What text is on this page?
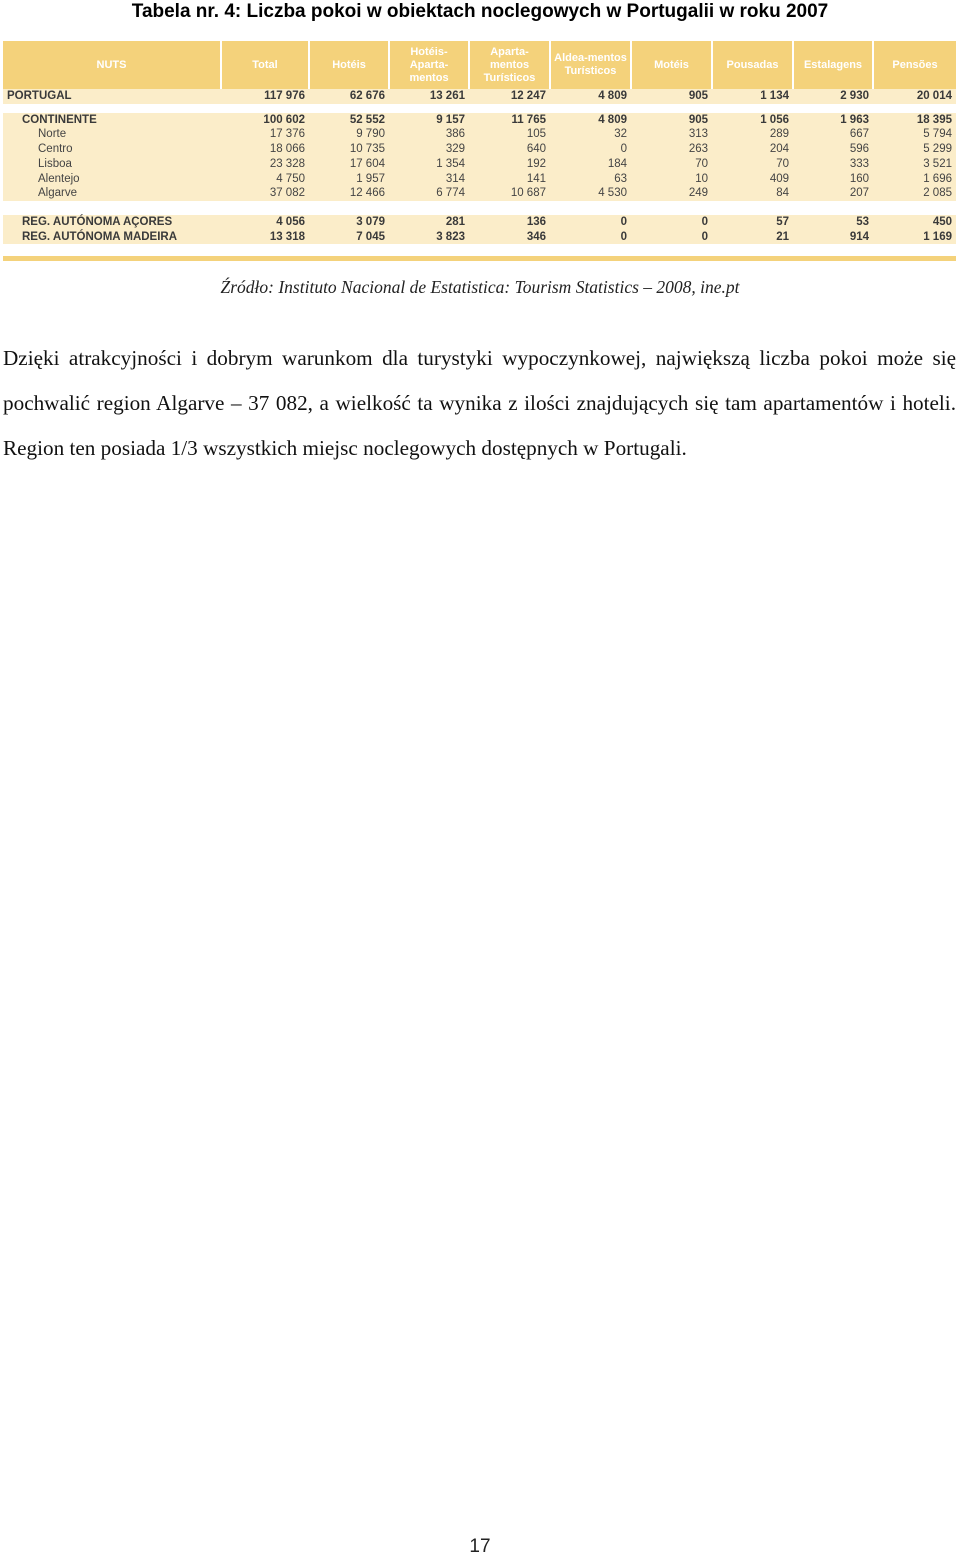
Tabela nr. 4: Liczba pokoi w obiektach noclegowych w Portugalii w roku 2007
NUTS	Total	Hotéis	Hotéis-Aparta-mentos	Aparta-mentos Turísticos	Aldea-mentos Turísticos	Motéis	Pousadas	Estalagens	Pensões
PORTUGAL	117 976	62 676	13 261	12 247	4 809	905	1 134	2 930	20 014

CONTINENTE	100 602	52 552	9 157	11 765	4 809	905	1 056	1 963	18 395
Norte	17 376	9 790	386	105	32	313	289	667	5 794
Centro	18 066	10 735	329	640	0	263	204	596	5 299
Lisboa	23 328	17 604	1 354	192	184	70	70	333	3 521
Alentejo	4 750	1 957	314	141	63	10	409	160	1 696
Algarve	37 082	12 466	6 774	10 687	4 530	249	84	207	2 085

REG. AUTÓNOMA AÇORES	4 056	3 079	281	136	0	0	57	53	450
REG. AUTÓNOMA MADEIRA	13 318	7 045	3 823	346	0	0	21	914	1 169

Źródło: Instituto Nacional de Estatistica: Tourism Statistics – 2008, ine.pt

Dzięki atrakcyjności i dobrym warunkom dla turystyki wypoczynkowej, największą liczba pokoi może się pochwalić region Algarve – 37 082, a wielkość ta wynika z ilości znajdujących się tam apartamentów i hoteli. Region ten posiada 1/3 wszystkich miejsc noclegowych dostępnych w Portugali.

17
